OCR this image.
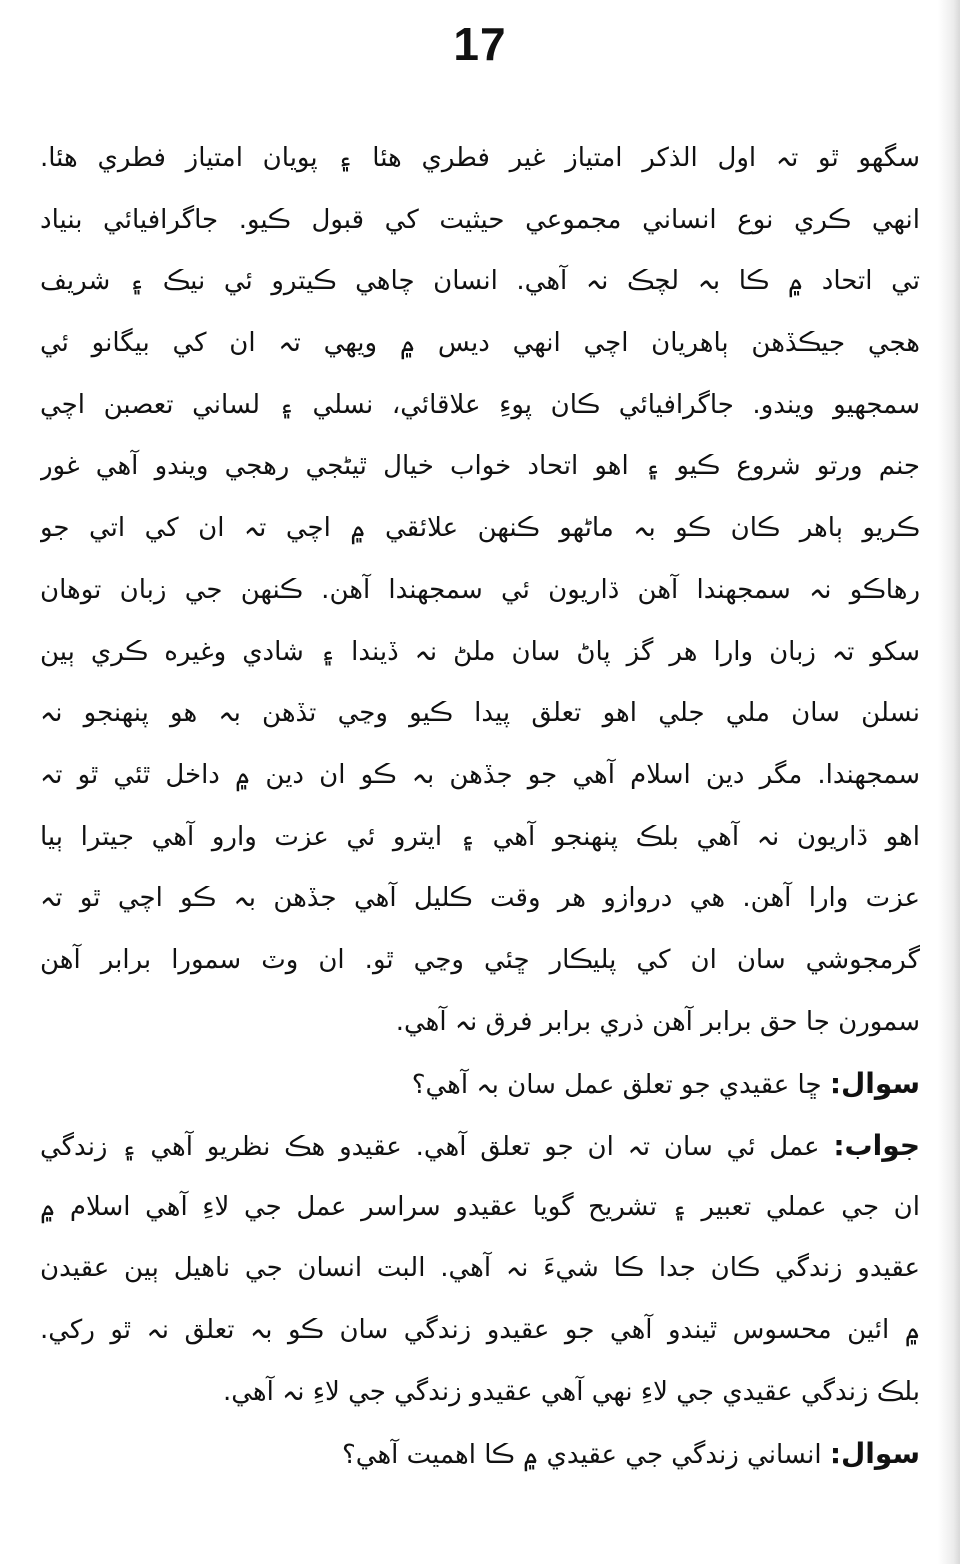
17
سگھو ٿو تہ اول الذکر امتياز غير فطري ھئا ۽ پويان امتياز فطري ھئا.
انھي ڪري نوع انساني مجموعي حيثيت کي قبول ڪيو. جاگرافيائي بنياد
تي اتحاد ۾ ڪا بہ لچڪ نہ آھي. انسان چاھي ڪيترو ئي نيڪ ۽ شريف
ھجي جيڪڏھن ٻاھريان اچي انھي ديس ۾ ويھي تہ ان کي بيگانو ئي
سمجھيو ويندو. جاگرافيائي ڪان پوءِ علاقائي، نسلي ۽ لساني تعصبن اچي
جنم ورتو شروع ڪيو ۽ اھو اتحاد خواب خيال ٿيڻجي رھجي ويندو آھي غور
ڪريو ٻاھر ڪان ڪو بہ ماڻھو ڪنھن علائقي ۾ اچي تہ ان کي اتي جو
رھاڪو نہ سمجھندا آھن ڌاريون ئي سمجھندا آھن. ڪنھن جي زبان توھان
سکو تہ زبان وارا ھر گز پاڻ سان ملڻ نہ ڏيندا ۽ شادي وغيره ڪري ٻين
نسلن سان ملي جلي اھو تعلق پيدا ڪيو وڃي تڏھن بہ ھو پنھنجو نہ
سمجھندا. مگر دين اسلام آھي جو جڏھن بہ ڪو ان دين ۾ داخل ٿئي ٿو تہ
اھو ڌاريون نہ آھي بلڪ پنھنجو آھي ۽ ايترو ئي عزت وارو آھي جيترا ٻيا
عزت وارا آھن. ھي دروازو ھر وقت ڪليل آھي جڏھن بہ ڪو اچي ٿو تہ
گرمجوشي سان ان کي پليڪار ڇئي وڃي ٿو. ان وٽ سمورا برابر آھن
سمورن جا حق برابر آھن ذري برابر فرق نہ آھي.
سوال: ڇا عقيدي جو تعلق عمل سان بہ آھي؟
جواب: عمل ئي سان تہ ان جو تعلق آھي. عقيدو ھڪ نظريو آھي ۽ زندگي
ان جي عملي تعبير ۽ تشريح گويا عقيدو سراسر عمل جي لاءِ آھي اسلام ۾
عقيدو زندگي ڪان جدا ڪا شيءَ نہ آھي. البت انسان جي ناھيل ٻين عقيدن
۾ ائين محسوس ٿيندو آھي جو عقيدو زندگي سان ڪو بہ تعلق نہ ٿو رکي.
بلڪ زندگي عقيدي جي لاءِ نھي آھي عقيدو زندگي جي لاءِ نہ آھي.
سوال: انساني زندگي جي عقيدي ۾ ڪا اھميت آھي؟
